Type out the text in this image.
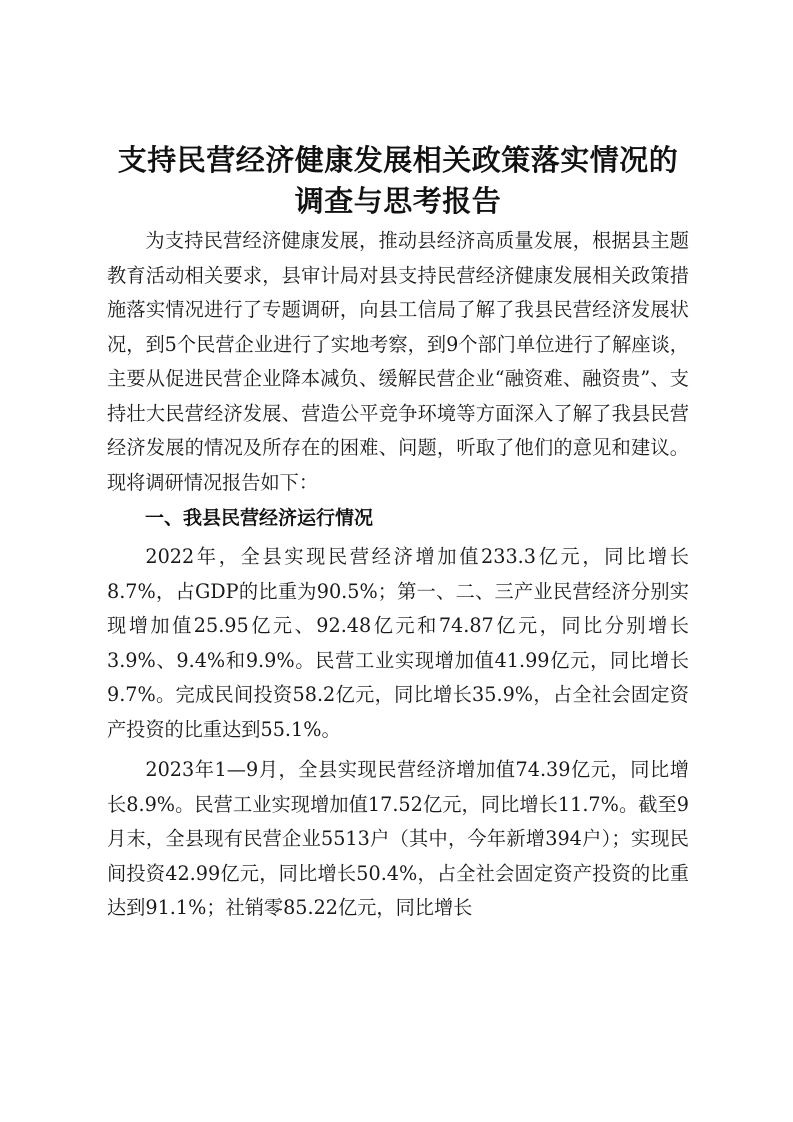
支持民营经济健康发展相关政策落实情况的调查与思考报告

为支持民营经济健康发展，推动县经济高质量发展，根据县主题教育活动相关要求，县审计局对县支持民营经济健康发展相关政策措施落实情况进行了专题调研，向县工信局了解了我县民营经济发展状况，到5个民营企业进行了实地考察，到9个部门单位进行了解座谈，主要从促进民营企业降本减负、缓解民营企业“融资难、融资贵”、支持壮大民营经济发展、营造公平竞争环境等方面深入了解了我县民营经济发展的情况及所存在的困难、问题，听取了他们的意见和建议。现将调研情况报告如下：

一、我县民营经济运行情况

2022年，全县实现民营经济增加值233.3亿元，同比增长8.7%，占GDP的比重为90.5%；第一、二、三产业民营经济分别实现增加值25.95亿元、92.48亿元和74.87亿元，同比分别增长3.9%、9.4%和9.9%。民营工业实现增加值41.99亿元，同比增长9.7%。完成民间投资58.2亿元，同比增长35.9%，占全社会固定资产投资的比重达到55.1%。

2023年1—9月，全县实现民营经济增加值74.39亿元，同比增长8.9%。民营工业实现增加值17.52亿元，同比增长11.7%。截至9月末，全县现有民营企业5513户（其中，今年新增394户）；实现民间投资42.99亿元，同比增长50.4%，占全社会固定资产投资的比重达到91.1%；社销零85.22亿元，同比增长
